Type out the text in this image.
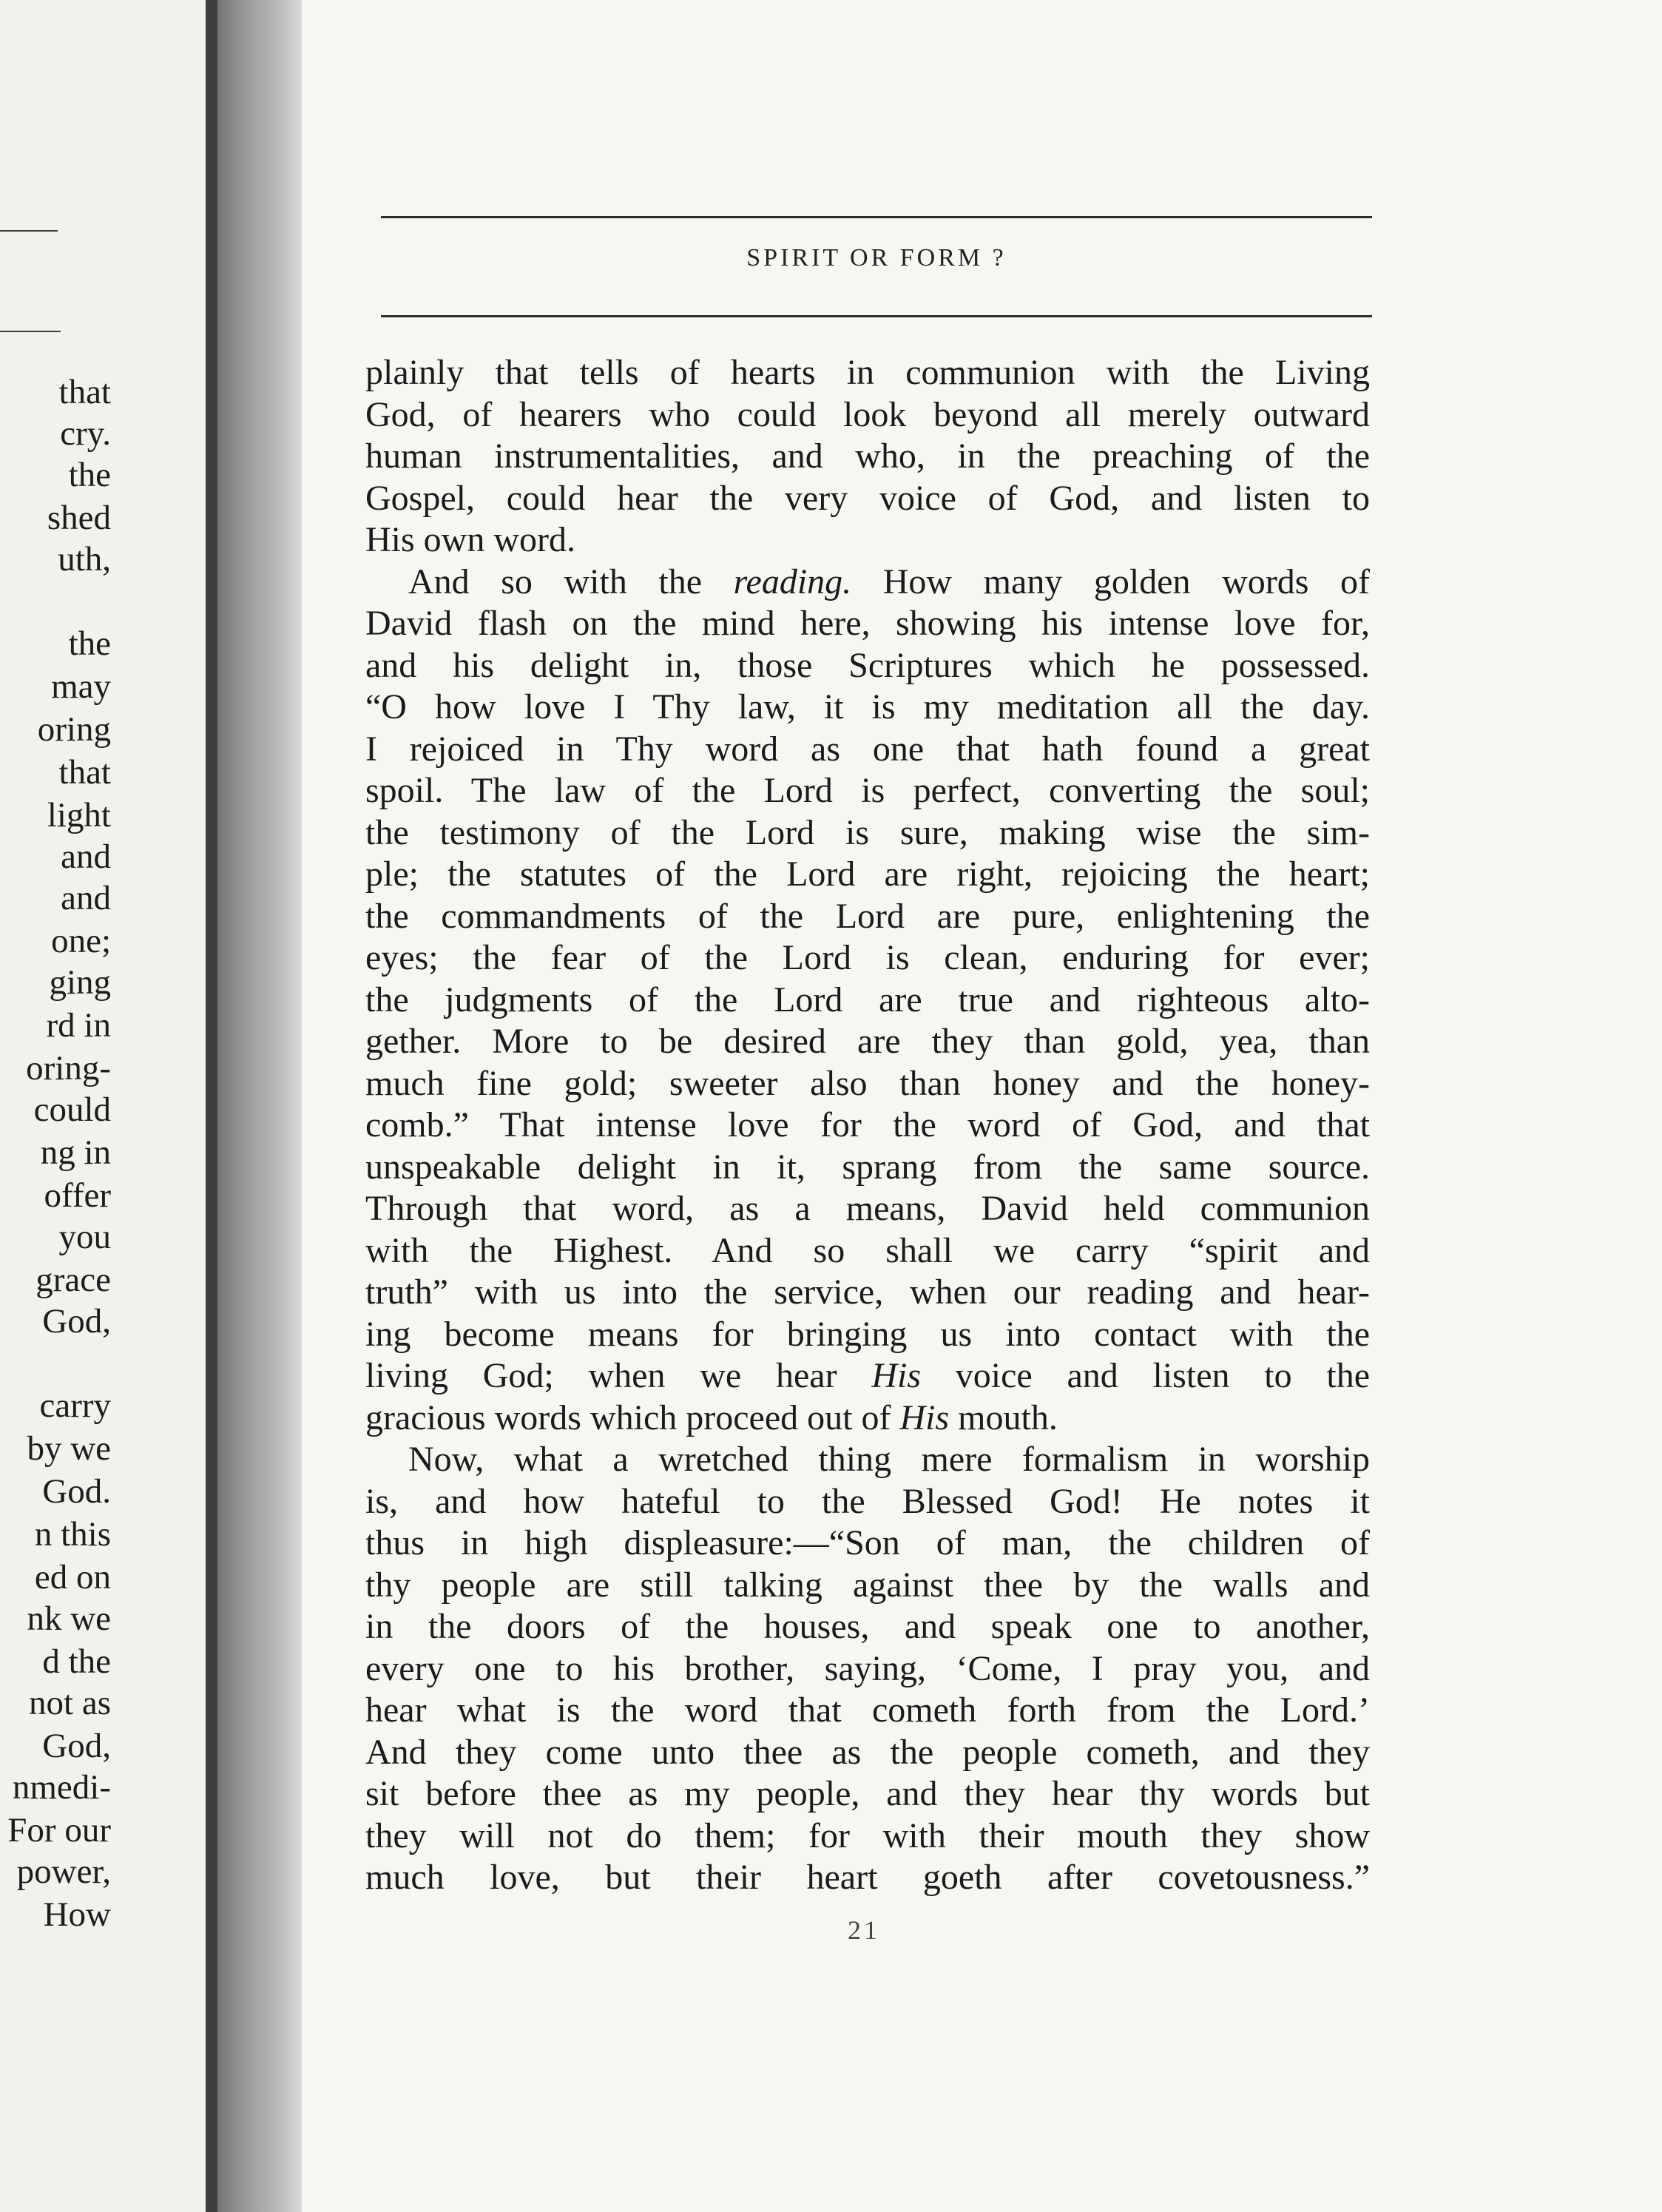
that
cry.
the
shed
uth,
the
may
oring
that
light
and
and
one;
ging
rd in
oring-
could
ng in
offer
you
grace
God,
carry
by we
God.
n this
ed on
nk we
d the
not as
God,
nmedi-
For our
power,
How
SPIRIT OR FORM ?
plainly that tells of hearts in communion with the Living
God, of hearers who could look beyond all merely outward
human instrumentalities, and who, in the preaching of the
Gospel, could hear the very voice of God, and listen to
His own word.
And so with the reading. How many golden words of
David flash on the mind here, showing his intense love for,
and his delight in, those Scriptures which he possessed.
“O how love I Thy law, it is my meditation all the day.
I rejoiced in Thy word as one that hath found a great
spoil. The law of the Lord is perfect, converting the soul;
the testimony of the Lord is sure, making wise the sim-
ple; the statutes of the Lord are right, rejoicing the heart;
the commandments of the Lord are pure, enlightening the
eyes; the fear of the Lord is clean, enduring for ever;
the judgments of the Lord are true and righteous alto-
gether. More to be desired are they than gold, yea, than
much fine gold; sweeter also than honey and the honey-
comb.” That intense love for the word of God, and that
unspeakable delight in it, sprang from the same source.
Through that word, as a means, David held communion
with the Highest. And so shall we carry “spirit and
truth” with us into the service, when our reading and hear-
ing become means for bringing us into contact with the
living God; when we hear His voice and listen to the
gracious words which proceed out of His mouth.
Now, what a wretched thing mere formalism in worship
is, and how hateful to the Blessed God! He notes it
thus in high displeasure:—“Son of man, the children of
thy people are still talking against thee by the walls and
in the doors of the houses, and speak one to another,
every one to his brother, saying, ‘Come, I pray you, and
hear what is the word that cometh forth from the Lord.’
And they come unto thee as the people cometh, and they
sit before thee as my people, and they hear thy words but
they will not do them; for with their mouth they show
much love, but their heart goeth after covetousness.”
21
